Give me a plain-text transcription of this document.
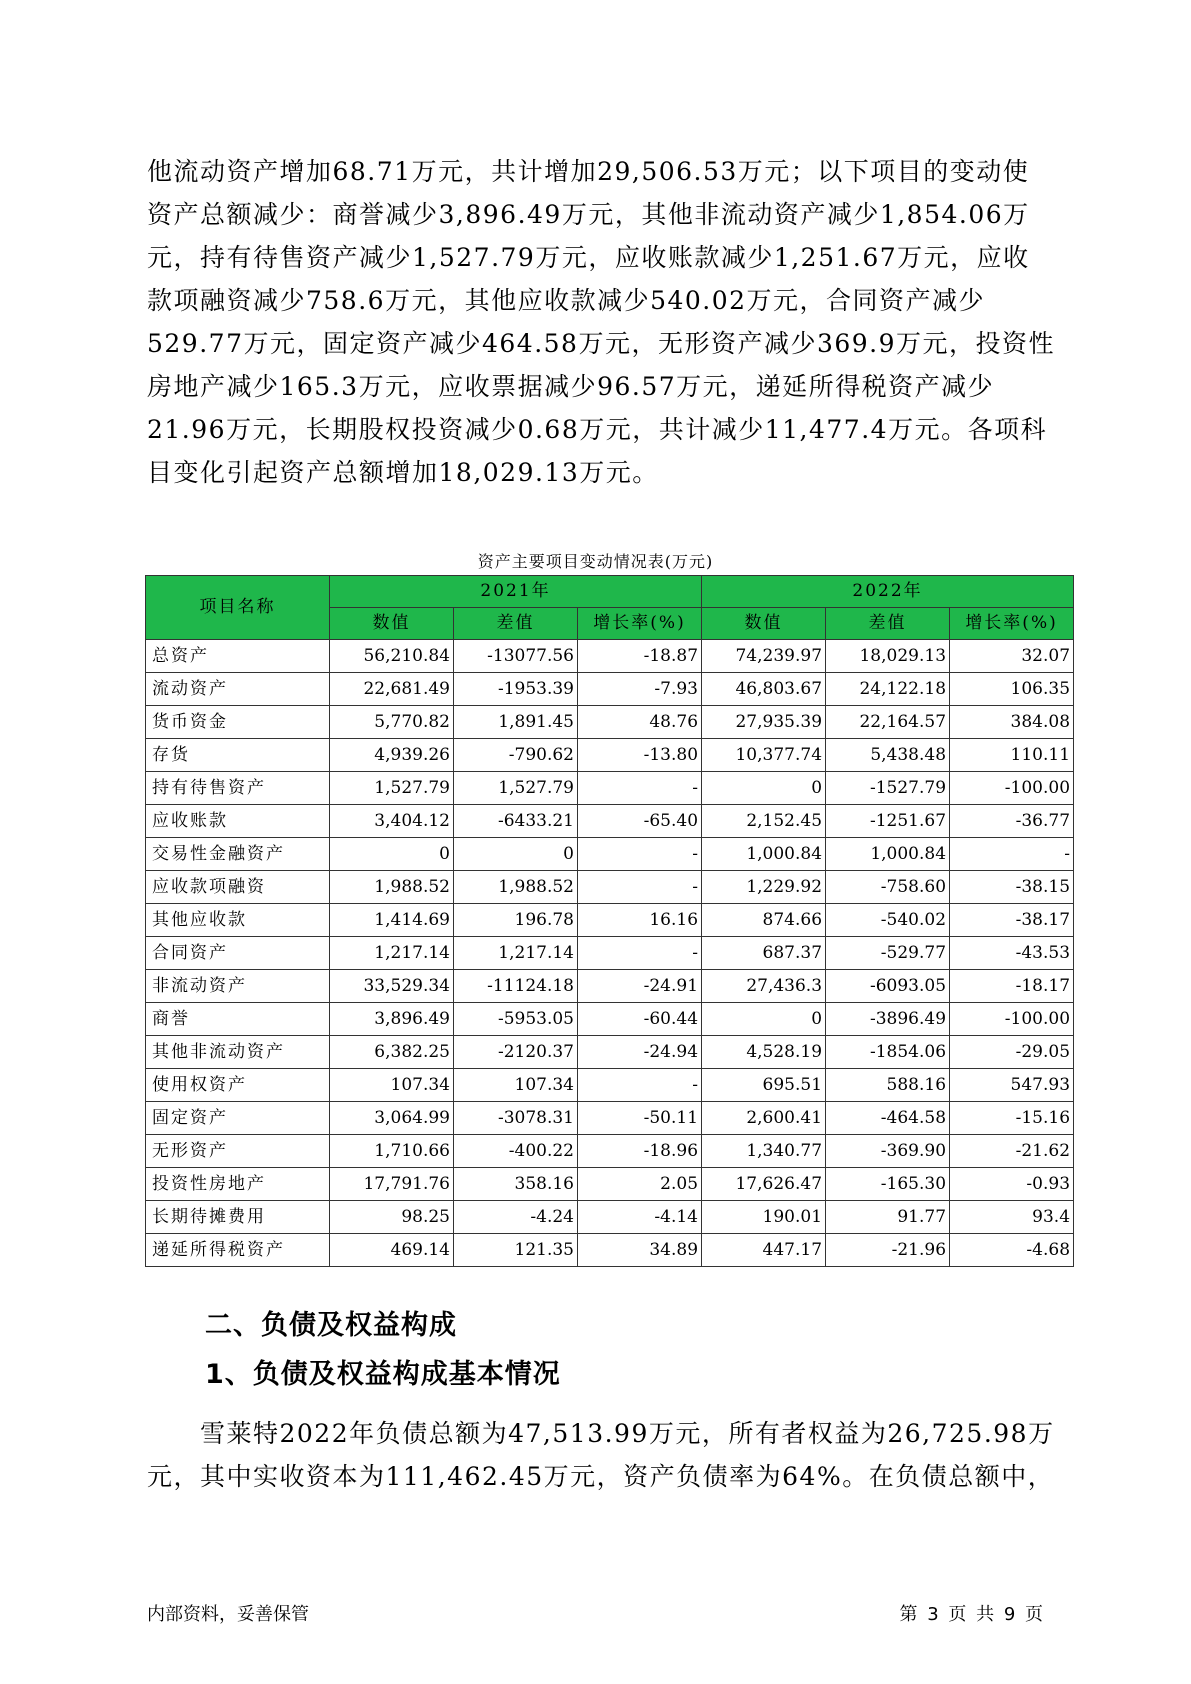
他流动资产增加68.71万元，共计增加29,506.53万元；以下项目的变动使
资产总额减少：商誉减少3,896.49万元，其他非流动资产减少1,854.06万
元，持有待售资产减少1,527.79万元，应收账款减少1,251.67万元，应收
款项融资减少758.6万元，其他应收款减少540.02万元，合同资产减少
529.77万元，固定资产减少464.58万元，无形资产减少369.9万元，投资性
房地产减少165.3万元，应收票据减少96.57万元，递延所得税资产减少
21.96万元，长期股权投资减少0.68万元，共计减少11,477.4万元。各项科
目变化引起资产总额增加18,029.13万元。
资产主要项目变动情况表(万元)
项目名称	2021年			2022年		
	数值	差值	增长率(%)	数值	差值	增长率(%)
总资产	56,210.84	-13077.56	-18.87	74,239.97	18,029.13	32.07
流动资产	22,681.49	-1953.39	-7.93	46,803.67	24,122.18	106.35
货币资金	5,770.82	1,891.45	48.76	27,935.39	22,164.57	384.08
存货	4,939.26	-790.62	-13.80	10,377.74	5,438.48	110.11
持有待售资产	1,527.79	1,527.79	-	0	-1527.79	-100.00
应收账款	3,404.12	-6433.21	-65.40	2,152.45	-1251.67	-36.77
交易性金融资产	0	0	-	1,000.84	1,000.84	-
应收款项融资	1,988.52	1,988.52	-	1,229.92	-758.60	-38.15
其他应收款	1,414.69	196.78	16.16	874.66	-540.02	-38.17
合同资产	1,217.14	1,217.14	-	687.37	-529.77	-43.53
非流动资产	33,529.34	-11124.18	-24.91	27,436.3	-6093.05	-18.17
商誉	3,896.49	-5953.05	-60.44	0	-3896.49	-100.00
其他非流动资产	6,382.25	-2120.37	-24.94	4,528.19	-1854.06	-29.05
使用权资产	107.34	107.34	-	695.51	588.16	547.93
固定资产	3,064.99	-3078.31	-50.11	2,600.41	-464.58	-15.16
无形资产	1,710.66	-400.22	-18.96	1,340.77	-369.90	-21.62
投资性房地产	17,791.76	358.16	2.05	17,626.47	-165.30	-0.93
长期待摊费用	98.25	-4.24	-4.14	190.01	91.77	93.4
递延所得税资产	469.14	121.35	34.89	447.17	-21.96	-4.68
二、负债及权益构成
1、负债及权益构成基本情况
　　雪莱特2022年负债总额为47,513.99万元，所有者权益为26,725.98万
元，其中实收资本为111,462.45万元，资产负债率为64%。在负债总额中，
内部资料，妥善保管	第 3 页 共 9 页
